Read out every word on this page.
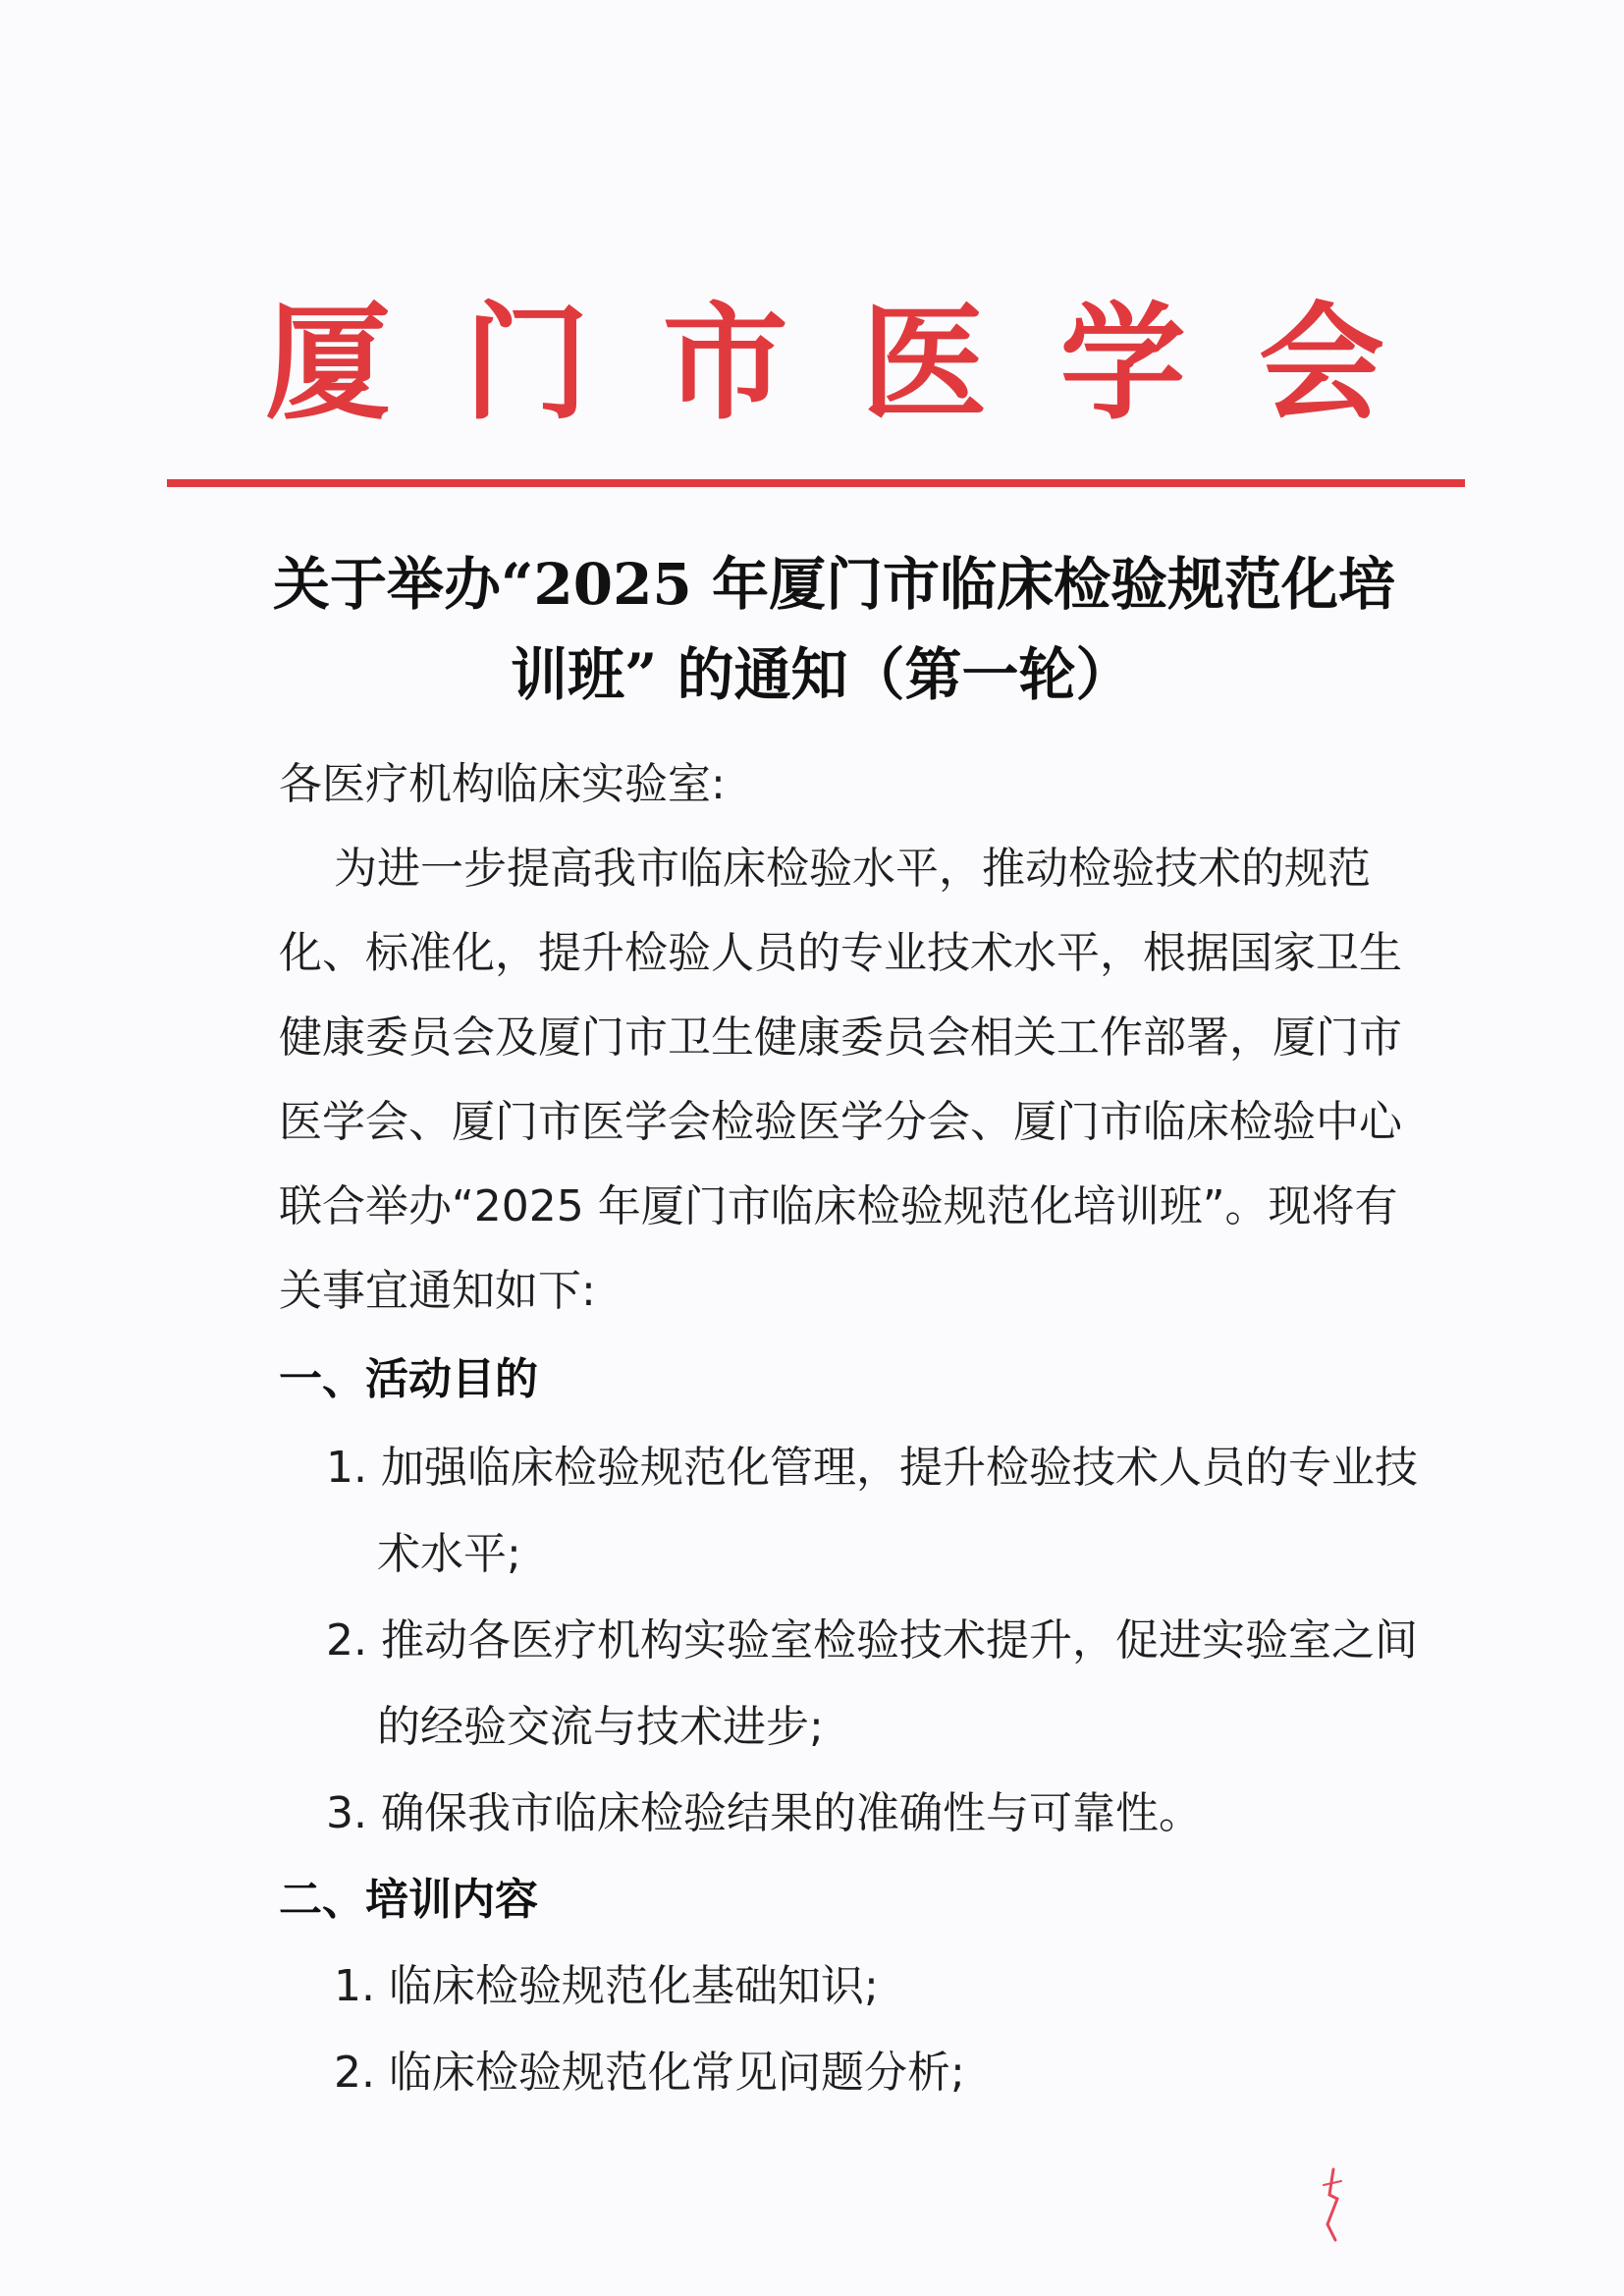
厦 门 市 医 学 会
关于举办“2025 年厦门市临床检验规范化培
训班” 的通知（第一轮）
各医疗机构临床实验室:
为进一步提高我市临床检验水平，推动检验技术的规范
化、标准化，提升检验人员的专业技术水平，根据国家卫生
健康委员会及厦门市卫生健康委员会相关工作部署，厦门市
医学会、厦门市医学会检验医学分会、厦门市临床检验中心
联合举办“2025 年厦门市临床检验规范化培训班”。现将有
关事宜通知如下:
一、活动目的
1. 加强临床检验规范化管理，提升检验技术人员的专业技
术水平;
2. 推动各医疗机构实验室检验技术提升，促进实验室之间
的经验交流与技术进步;
3. 确保我市临床检验结果的准确性与可靠性。
二、培训内容
1. 临床检验规范化基础知识;
2. 临床检验规范化常见问题分析;
